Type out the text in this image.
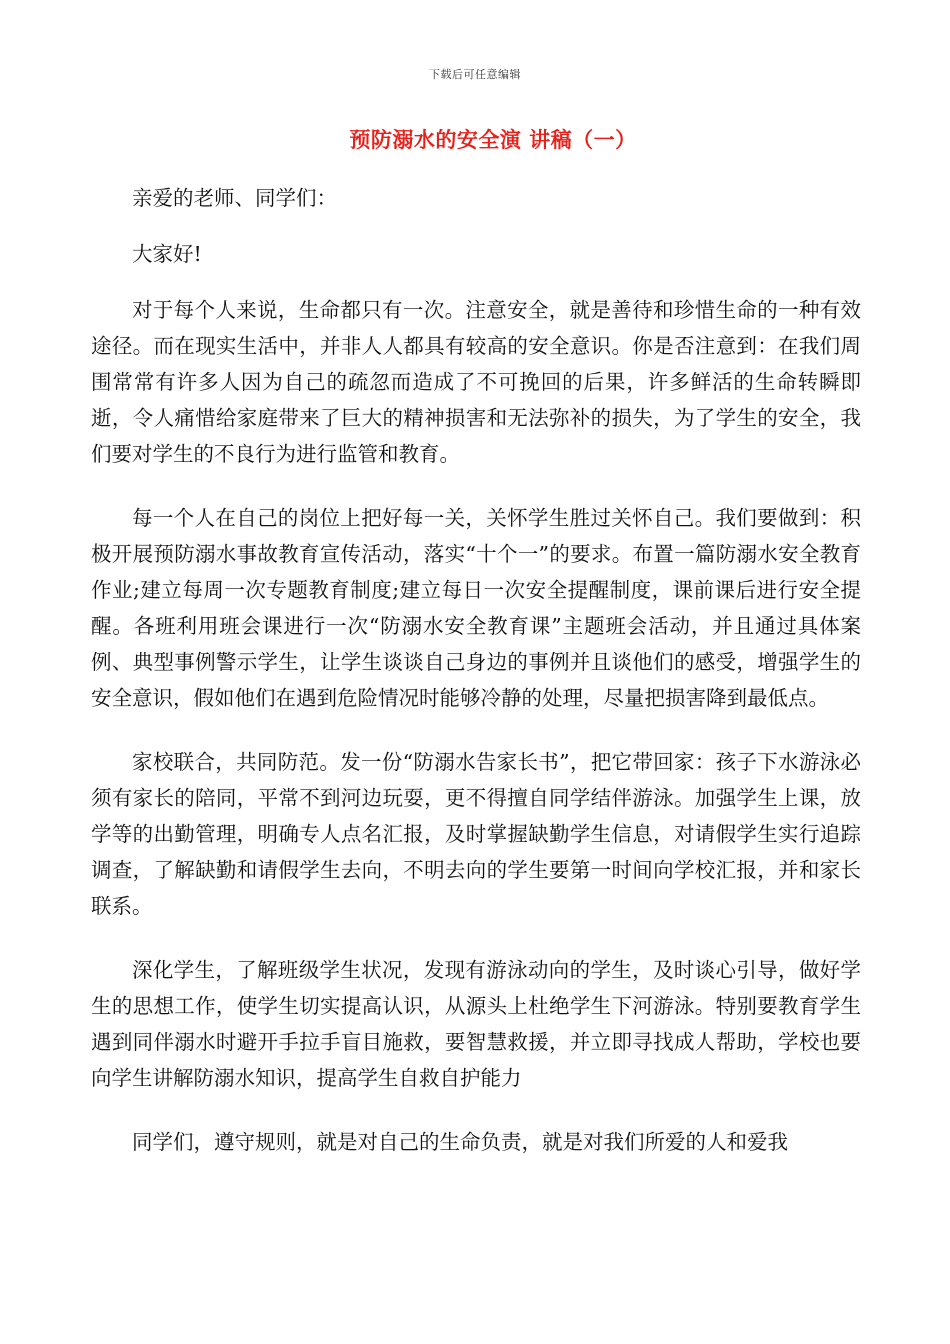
下载后可任意编辑
预防溺水的安全演 讲稿（一）

亲爱的老师、同学们：

大家好!

对于每个人来说，生命都只有一次。注意安全，就是善待和珍惜生命的一种有效途径。而在现实生活中，并非人人都具有较高的安全意识。你是否注意到：在我们周围常常有许多人因为自己的疏忽而造成了不可挽回的后果，许多鲜活的生命转瞬即逝，令人痛惜给家庭带来了巨大的精神损害和无法弥补的损失，为了学生的安全，我们要对学生的不良行为进行监管和教育。

每一个人在自己的岗位上把好每一关，关怀学生胜过关怀自己。我们要做到：积极开展预防溺水事故教育宣传活动，落实“十个一”的要求。布置一篇防溺水安全教育作业;建立每周一次专题教育制度;建立每日一次安全提醒制度，课前课后进行安全提醒。各班利用班会课进行一次“防溺水安全教育课”主题班会活动，并且通过具体案例、典型事例警示学生，让学生谈谈自己身边的事例并且谈他们的感受，增强学生的安全意识，假如他们在遇到危险情况时能够冷静的处理，尽量把损害降到最低点。

家校联合，共同防范。发一份“防溺水告家长书”，把它带回家：孩子下水游泳必须有家长的陪同，平常不到河边玩耍，更不得擅自同学结伴游泳。加强学生上课，放学等的出勤管理，明确专人点名汇报，及时掌握缺勤学生信息，对请假学生实行追踪调查，了解缺勤和请假学生去向，不明去向的学生要第一时间向学校汇报，并和家长联系。

深化学生，了解班级学生状况，发现有游泳动向的学生，及时谈心引导，做好学生的思想工作，使学生切实提高认识，从源头上杜绝学生下河游泳。特别要教育学生遇到同伴溺水时避开手拉手盲目施救，要智慧救援，并立即寻找成人帮助，学校也要向学生讲解防溺水知识，提高学生自救自护能力

同学们，遵守规则，就是对自己的生命负责，就是对我们所爱的人和爱我
